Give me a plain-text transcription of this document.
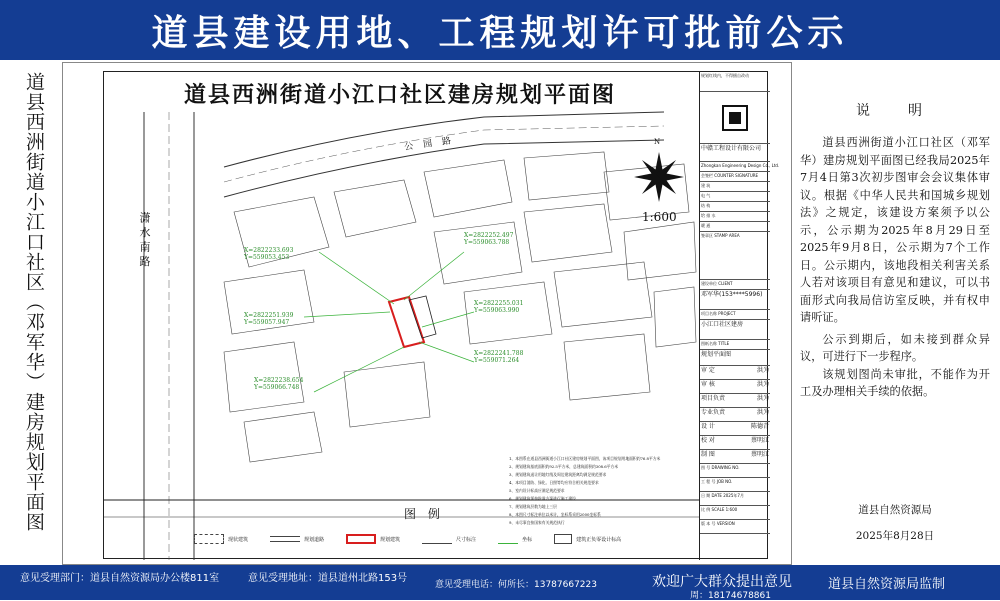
道县建设用地、工程规划许可批前公示
道县西洲街道小江口社区（邓军华）建房规划平面图	道县西洲街道小江口社区建房规划平面图
1:600
N
公园路
潇 水 南 路	X=2822233.693 Y=559053.453
X=2822252.497 Y=559063.788
X=2822251.939 Y=559057.947
X=2822255.031 Y=559063.990
X=2822241.788 Y=559071.264
X=2822238.654 Y=559066.748
1、本图系在道县西洲街道小江口社区建房规划平面图，该项目规划用地面积约76.8平方米
2、规划建筑基底面积约92.5平方米，总建筑面积约308.6平方米
3、规划建筑退让用地红线及周边建筑距离均满足规范要求
4、本项目消防、绿化、日照等均应符合相关规范要求
5、室内设计标高应满足规范要求
6、规划建筑须按批准方案进行施工建设
7、规划建筑层数为地上三层
8、本图尺寸标注单位以米计，坐标系采用2000坐标系
9、未尽事宜按国家有关规范执行
图 例
现状建筑	规划道路	规划建筑	尺寸标注	坐标	建筑正负零设计标高
规划红线内，不得擅自改动
中赣工程设计有限公司
Zhongkan Engineering Design Co., Ltd.
会签栏 COUNTER SIGNATURE
建 筑
电 气
结 构
给 排 水
暖 通
签章区 STAMP AREA
建设单位 CLIENT
邓军华(153****5996)
项目名称 PROJECT
小江口社区建房
图纸名称 TITLE
规划平面图
审 定	洪为
审 核	洪为
项目负责	洪为
专业负责	洪为
设 计	陈德青
校 对	蔡明江
制 图	蔡明江
图 号 DRAWING NO.
工 程 号 JOB NO.
日 期 DATE 2025年7月
比 例 SCALE 1:600
版 本 号 VERSION
说　明

道县西洲街道小江口社区（邓军华）建房规划平面图已经我局2025年7月4日第3次初步图审会会议集体审议。根据《中华人民共和国城乡规划法》之规定，该建设方案须予以公示，公示期为2025年8月29日至2025年9月8日，公示期为7个工作日。公示期内，该地段相关利害关系人若对该项目有意见和建议，可以书面形式向我局信访室反映，并有权申请听证。

公示到期后，如未接到群众异议，可进行下一步程序。

该规划图尚未审批，不能作为开工及办理相关手续的依据。

道县自然资源局
2025年8月28日
意见受理部门：道县自然资源局办公楼811室	意见受理地址：道县道州北路153号
意见受理电话：何所长：13787667223
周：18174678861
欢迎广大群众提出意见	道县自然资源局监制
